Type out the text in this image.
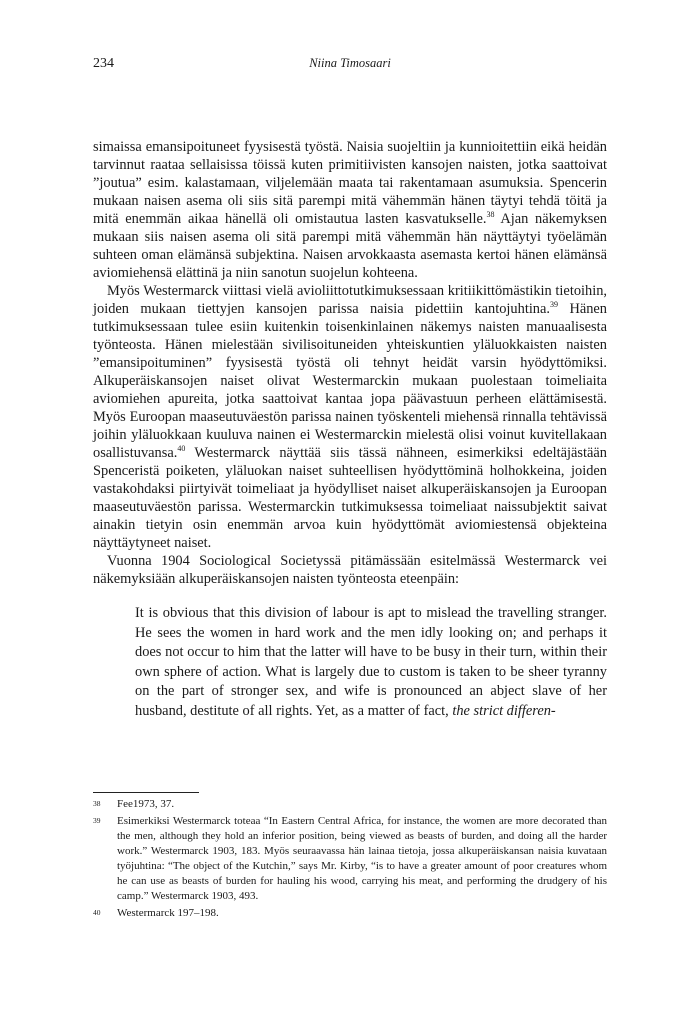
234	Niina Timosaari

simaissa emansipoituneet fyysisestä työstä. Naisia suojeltiin ja kunnioitettiin eikä heidän tarvinnut raataa sellaisissa töissä kuten primitiivisten kansojen naisten, jotka saattoivat ”joutua” esim. kalastamaan, viljelemään maata tai rakentamaan asumuksia. Spencerin mukaan naisen asema oli siis sitä parempi mitä vähemmän hänen täytyi tehdä töitä ja mitä enemmän aikaa hänellä oli omistautua lasten kasvatukselle.$^{38}$ Ajan näkemyksen mukaan siis naisen asema oli sitä parempi mitä vähemmän hän näyttäytyi työelämän suhteen oman elämänsä subjektina. Naisen arvokkaasta asemasta kertoi hänen elämänsä aviomiehensä elättinä ja niin sanotun suojelun kohteena.

Myös Westermarck viittasi vielä avioliittotutkimuksessaan kritiikittömästikin tietoihin, joiden mukaan tiettyjen kansojen parissa naisia pidettiin kantojuhtina.$^{39}$ Hänen tutkimuksessaan tulee esiin kuitenkin toisenkinlainen näkemys naisten manuaalisesta työnteosta. Hänen mielestään sivilisoituneiden yhteiskuntien yläluokkaisten naisten ”emansipoituminen” fyysisestä työstä oli tehnyt heidät varsin hyödyttömiksi. Alkuperäiskansojen naiset olivat Westermarckin mukaan puolestaan toimeliaita aviomiehen apureita, jotka saattoivat kantaa jopa päävastuun perheen elättämisestä. Myös Euroopan maaseutuväestön parissa nainen työskenteli miehensä rinnalla tehtävissä joihin yläluokkaan kuuluva nainen ei Westermarckin mielestä olisi voinut kuvitellakaan osallistuvansa.$^{40}$ Westermarck näyttää siis tässä nähneen, esimerkiksi edeltäjästään Spenceristä poiketen, yläluokan naiset suhteellisen hyödyttöminä holhokkeina, joiden vastakohdaksi piirtyivät toimeliaat ja hyödylliset naiset alkuperäiskansojen ja Euroopan maaseutuväestön parissa. Westermarckin tutkimuksessa toimeliaat naissubjektit saivat ainakin tietyin osin enemmän arvoa kuin hyödyttömät aviomiestensä objekteina näyttäytyneet naiset.

Vuonna 1904 Sociological Societyssä pitämässään esitelmässä Westermarck vei näkemyksiään alkuperäiskansojen naisten työnteosta eteenpäin:

It is obvious that this division of labour is apt to mislead the travelling stranger. He sees the women in hard work and the men idly looking on; and perhaps it does not occur to him that the latter will have to be busy in their turn, within their own sphere of action. What is largely due to custom is taken to be sheer tyranny on the part of stronger sex, and wife is pronounced an abject slave of her husband, destitute of all rights. Yet, as a matter of fact, the strict differen-
38 Fee1973, 37.
39 Esimerkiksi Westermarck toteaa “In Eastern Central Africa, for instance, the women are more decorated than the men, although they hold an inferior position, being viewed as beasts of burden, and doing all the harder work.” Westermarck 1903, 183. Myös seuraavassa hän lainaa tietoja, jossa alkuperäiskansan naisia kuvataan työjuhtina: “The object of the Kutchin,” says Mr. Kirby, “is to have a greater amount of poor creatures whom he can use as beasts of burden for hauling his wood, carrying his meat, and performing the drudgery of his camp.” Westermarck 1903, 493.
40 Westermarck 197–198.
